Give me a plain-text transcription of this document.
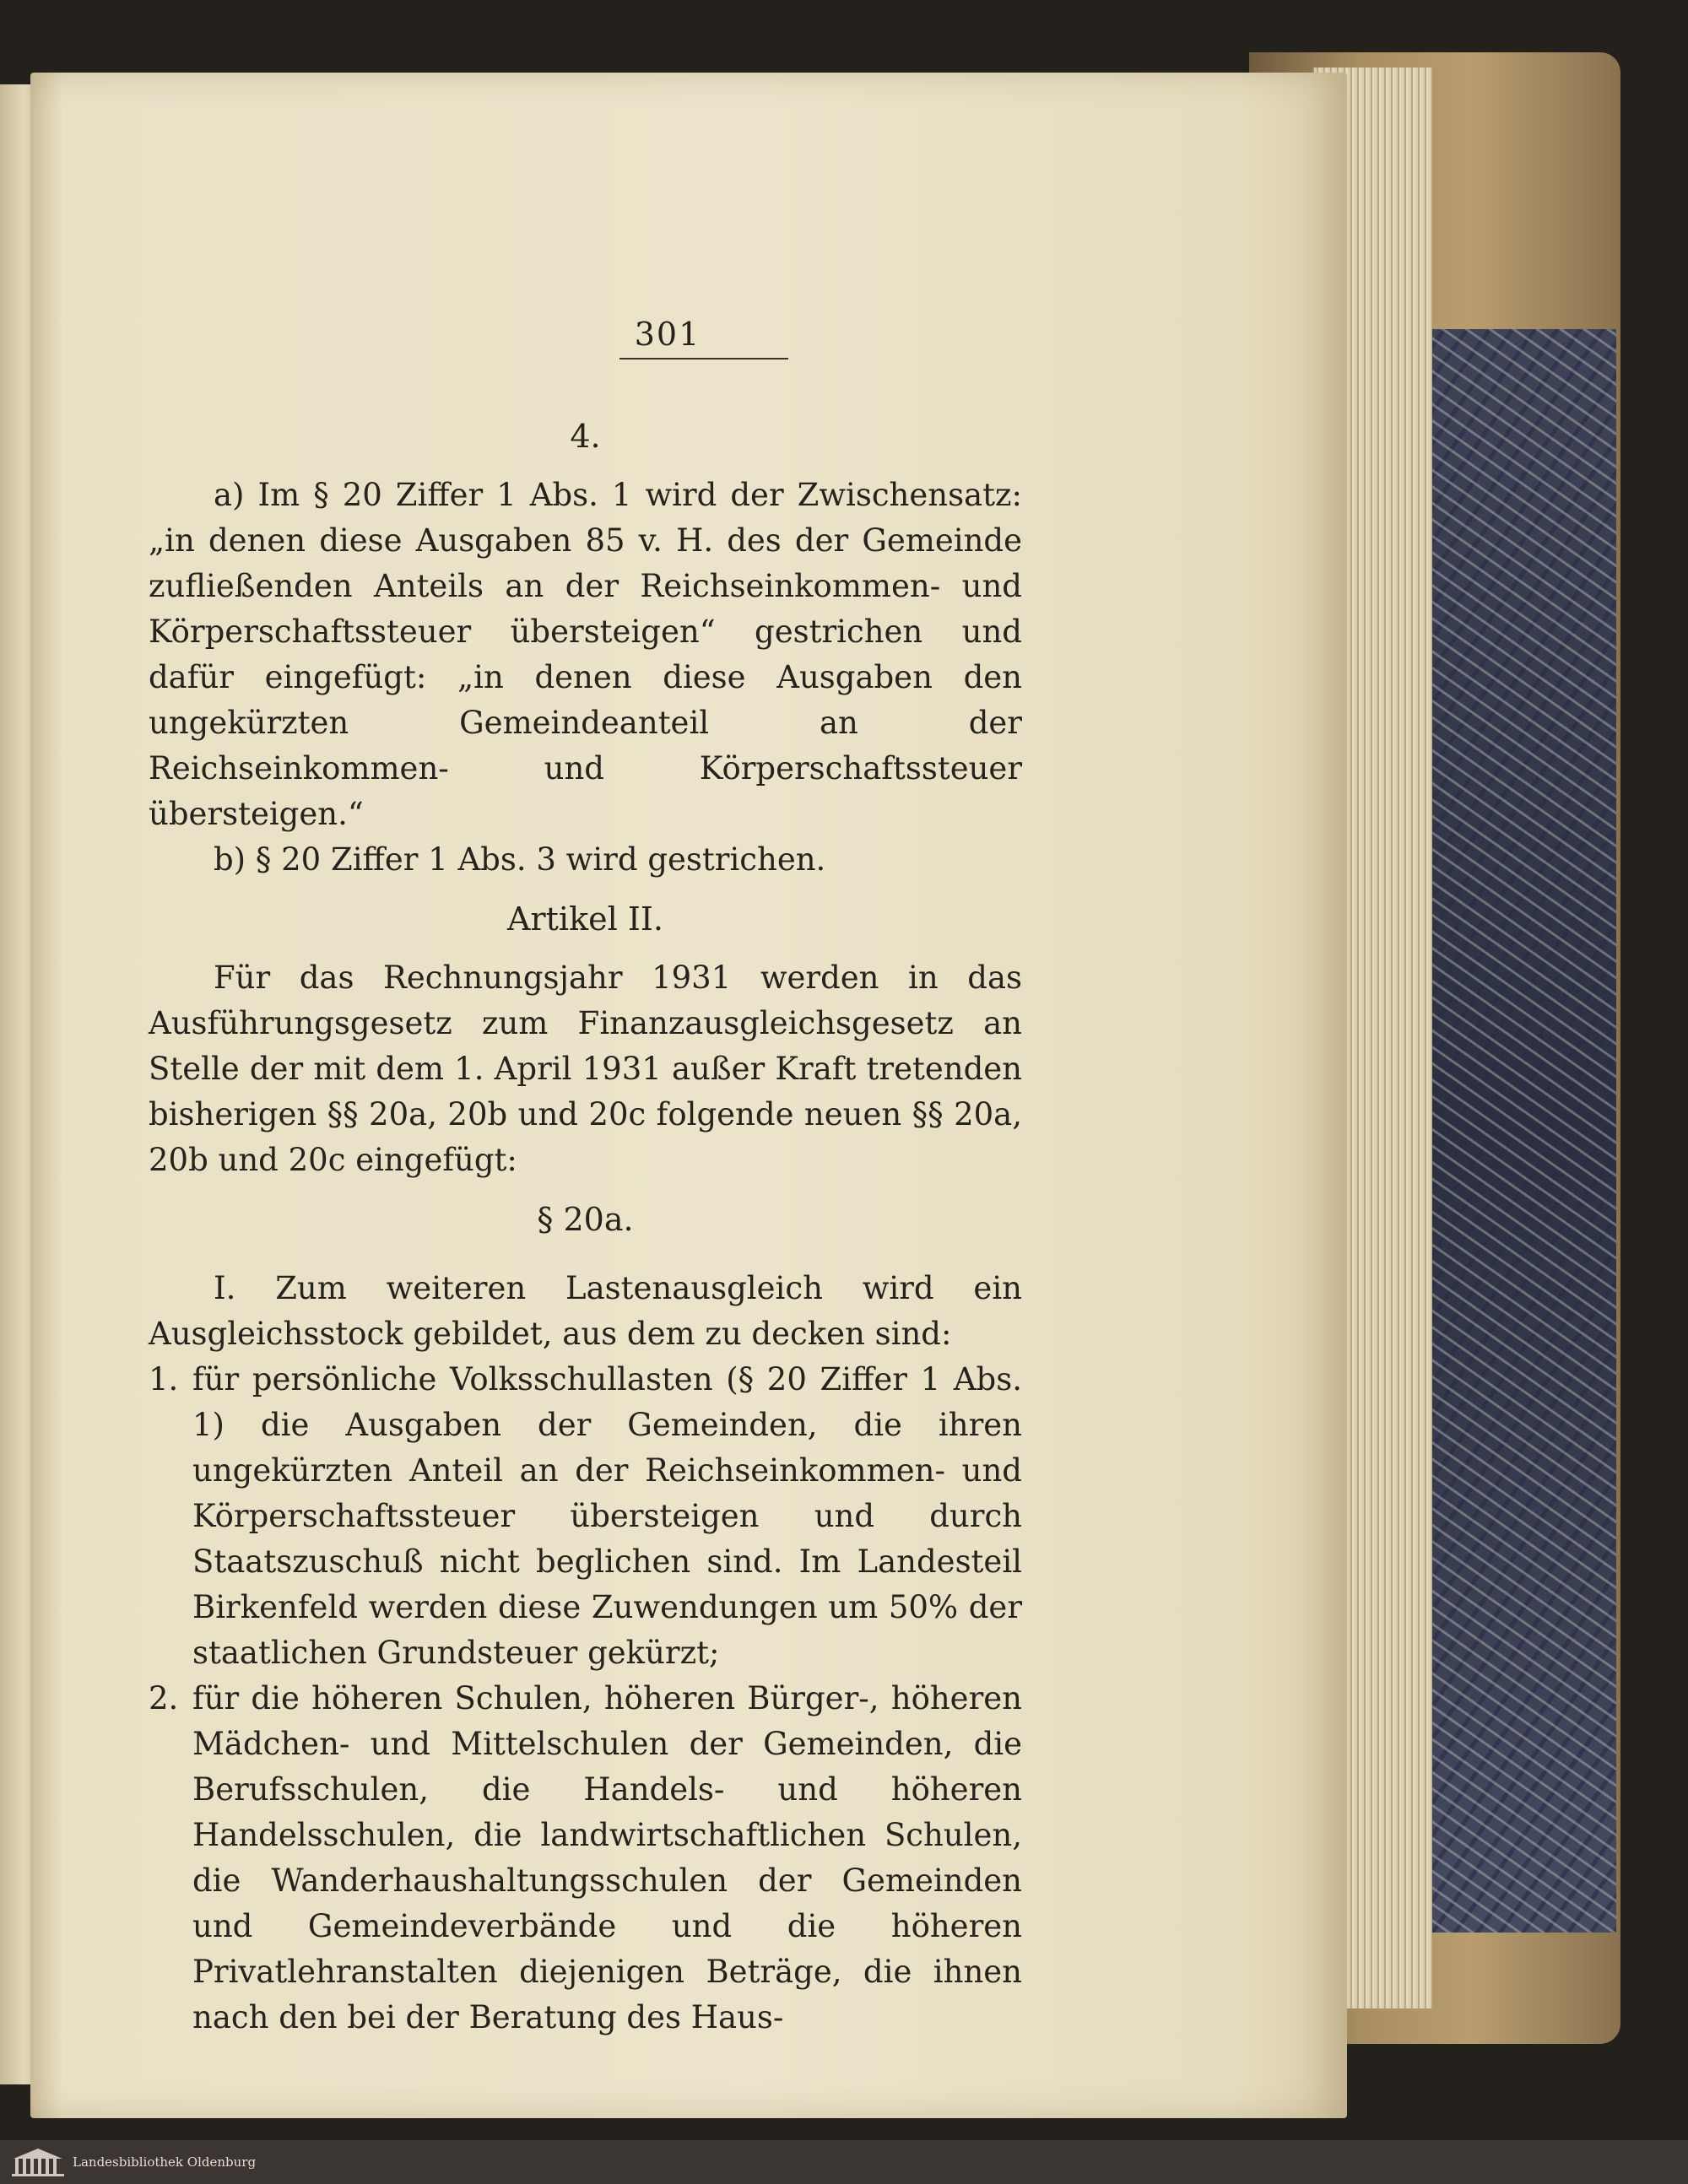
301
4.

a) Im § 20 Ziffer 1 Abs. 1 wird der Zwischensatz: „in denen diese Ausgaben 85 v. H. des der Gemeinde zufließenden Anteils an der Reichseinkommen- und Körperschaftssteuer übersteigen“ gestrichen und dafür eingefügt: „in denen diese Ausgaben den ungekürzten Gemeindeanteil an der Reichseinkommen- und Körperschaftssteuer übersteigen.“

b) § 20 Ziffer 1 Abs. 3 wird gestrichen.

Artikel II.

Für das Rechnungsjahr 1931 werden in das Ausführungsgesetz zum Finanzausgleichsgesetz an Stelle der mit dem 1. April 1931 außer Kraft tretenden bisherigen §§ 20a, 20b und 20c folgende neuen §§ 20a, 20b und 20c eingefügt:

§ 20a.

I. Zum weiteren Lastenausgleich wird ein Ausgleichsstock gebildet, aus dem zu decken sind:

1. für persönliche Volksschullasten (§ 20 Ziffer 1 Abs. 1) die Ausgaben der Gemeinden, die ihren ungekürzten Anteil an der Reichseinkommen- und Körperschaftssteuer übersteigen und durch Staatszuschuß nicht beglichen sind. Im Landesteil Birkenfeld werden diese Zuwendungen um 50% der staatlichen Grundsteuer gekürzt;
2. für die höheren Schulen, höheren Bürger-, höheren Mädchen- und Mittelschulen der Gemeinden, die Berufsschulen, die Handels- und höheren Handelsschulen, die landwirtschaftlichen Schulen, die Wanderhaushaltungsschulen der Gemeinden und Gemeindeverbände und die höheren Privatlehranstalten diejenigen Beträge, die ihnen nach den bei der Beratung des Haus-
Landesbibliothek Oldenburg
